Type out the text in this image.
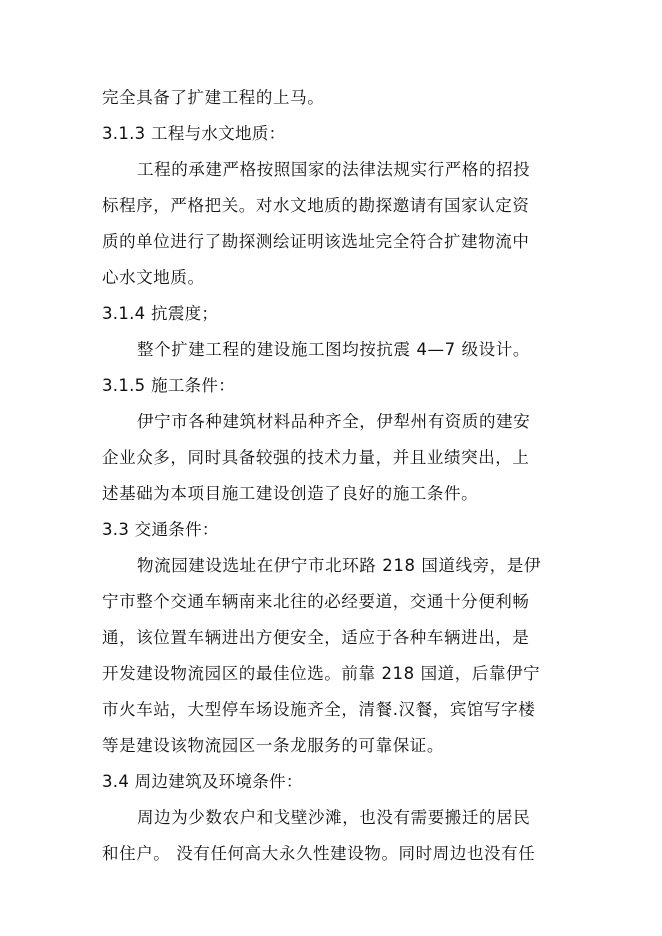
完全具备了扩建工程的上马。
3.1.3 工程与水文地质：
工程的承建严格按照国家的法律法规实行严格的招投
标程序，严格把关。对水文地质的勘探邀请有国家认定资
质的单位进行了勘探测绘证明该选址完全符合扩建物流中
心水文地质。
3.1.4 抗震度；
整个扩建工程的建设施工图均按抗震 4—7 级设计。
3.1.5 施工条件：
伊宁市各种建筑材料品种齐全，伊犁州有资质的建安
企业众多，同时具备较强的技术力量，并且业绩突出，上
述基础为本项目施工建设创造了良好的施工条件。
3.3 交通条件：
物流园建设选址在伊宁市北环路 218 国道线旁，是伊
宁市整个交通车辆南来北往的必经要道，交通十分便利畅
通，该位置车辆进出方便安全，适应于各种车辆进出，是
开发建设物流园区的最佳位选。前靠 218 国道，后靠伊宁
市火车站，大型停车场设施齐全，清餐.汉餐，宾馆写字楼
等是建设该物流园区一条龙服务的可靠保证。
3.4 周边建筑及环境条件：
周边为少数农户和戈壁沙滩，也没有需要搬迁的居民
和住户。 没有任何高大永久性建设物。同时周边也没有任
